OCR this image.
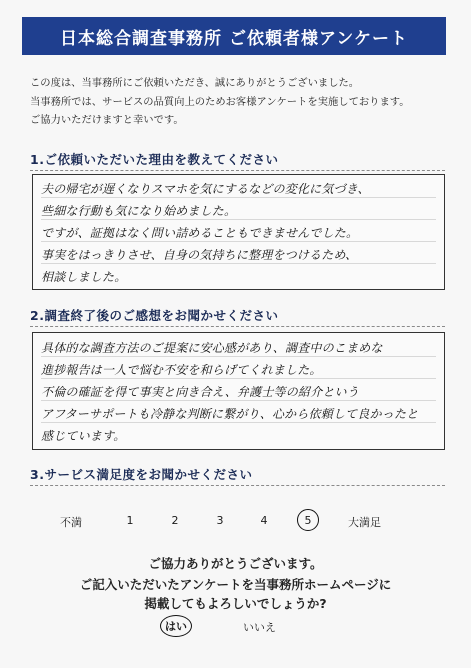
日本総合調査事務所 ご依頼者様アンケート
この度は、当事務所にご依頼いただき、誠にありがとうございました。
当事務所では、サービスの品質向上のためお客様アンケートを実施しております。
ご協力いただけますと幸いです。
1.ご依頼いただいた理由を教えてください
夫の帰宅が遅くなりスマホを気にするなどの変化に気づき、
些細な行動も気になり始めました。
ですが、証拠はなく問い詰めることもできませんでした。
事実をはっきりさせ、自身の気持ちに整理をつけるため、
相談しました。
2.調査終了後のご感想をお聞かせください
具体的な調査方法のご提案に安心感があり、調査中のこまめな
進捗報告は一人で悩む不安を和らげてくれました。
不倫の確証を得て事実と向き合え、弁護士等の紹介という
アフターサポートも冷静な判断に繋がり、心から依頼して良かったと
感じています。
3.サービス満足度をお聞かせください
不満	1	2	3	4	5	大満足
ご協力ありがとうございます。
ご記入いただいたアンケートを当事務所ホームページに
掲載してもよろしいでしょうか?
はい	いいえ
